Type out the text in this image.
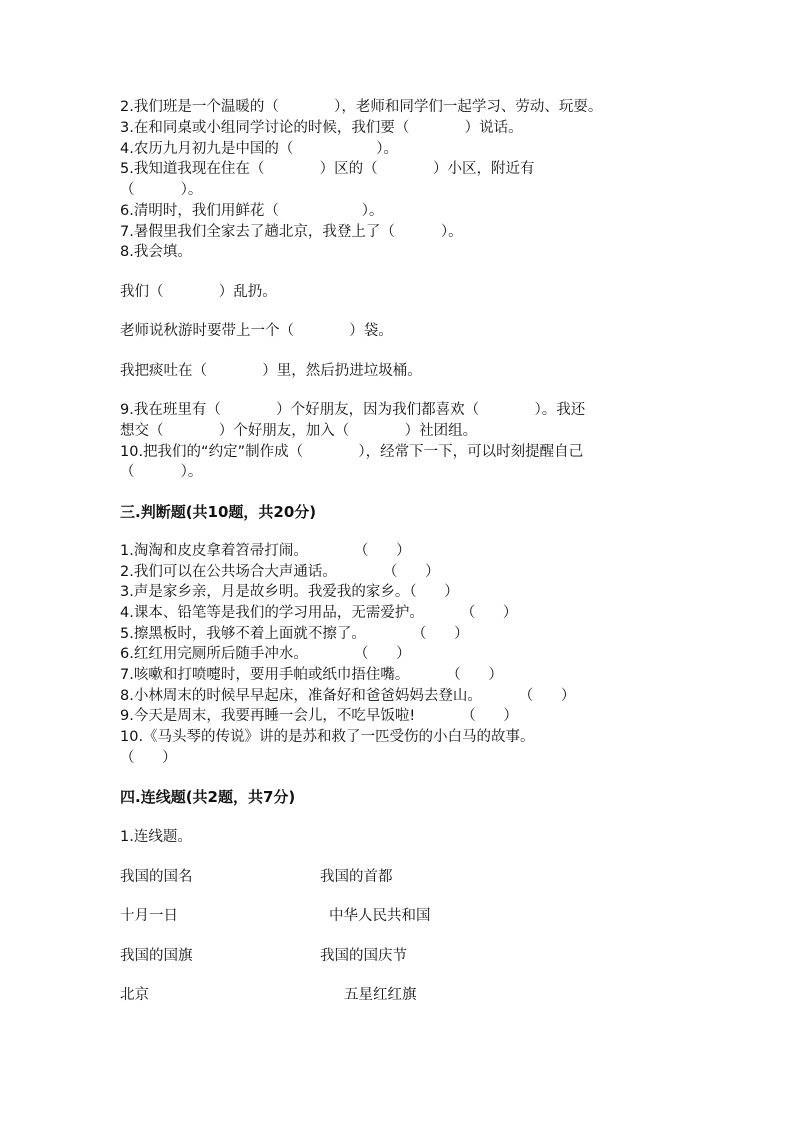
2.我们班是一个温暖的（            ），老师和同学们一起学习、劳动、玩耍。
3.在和同桌或小组同学讨论的时候，我们要（            ）说话。
4.农历九月初九是中国的（                  ）。
5.我知道我现在住在（            ）区的（            ）小区，附近有
（          ）。
6.清明时，我们用鲜花（                  ）。
7.暑假里我们全家去了趟北京，我登上了（          ）。
8.我会填。
我们（            ）乱扔。
老师说秋游时要带上一个（            ）袋。
我把痰吐在（            ）里，然后扔进垃圾桶。
9.我在班里有（            ）个好朋友，因为我们都喜欢（            ）。我还
想交（            ）个好朋友，加入（            ）社团组。
10.把我们的“约定”制作成（            ），经常下一下，可以时刻提醒自己
（          ）。
三.判断题(共10题，共20分)
1.淘淘和皮皮拿着笤帚打闹。          （      ）
2.我们可以在公共场合大声通话。          （      ）
3.声是家乡亲，月是故乡明。我爱我的家乡。（      ）
4.课本、铅笔等是我们的学习用品，无需爱护。        （      ）
5.擦黑板时，我够不着上面就不擦了。          （      ）
6.红红用完厕所后随手冲水。          （      ）
7.咳嗽和打喷嚏时，要用手帕或纸巾捂住嘴。        （      ）
8.小林周末的时候早早起床，准备好和爸爸妈妈去登山。        （      ）
9.今天是周末，我要再睡一会儿，不吃早饭啦!          （      ）
10.《马头琴的传说》讲的是苏和救了一匹受伤的小白马的故事。
（      ）
四.连线题(共2题，共7分)
1.连线题。
我国的国名	我国的首都
十月一日	中华人民共和国
我国的国旗	我国的国庆节
北京	五星红红旗
